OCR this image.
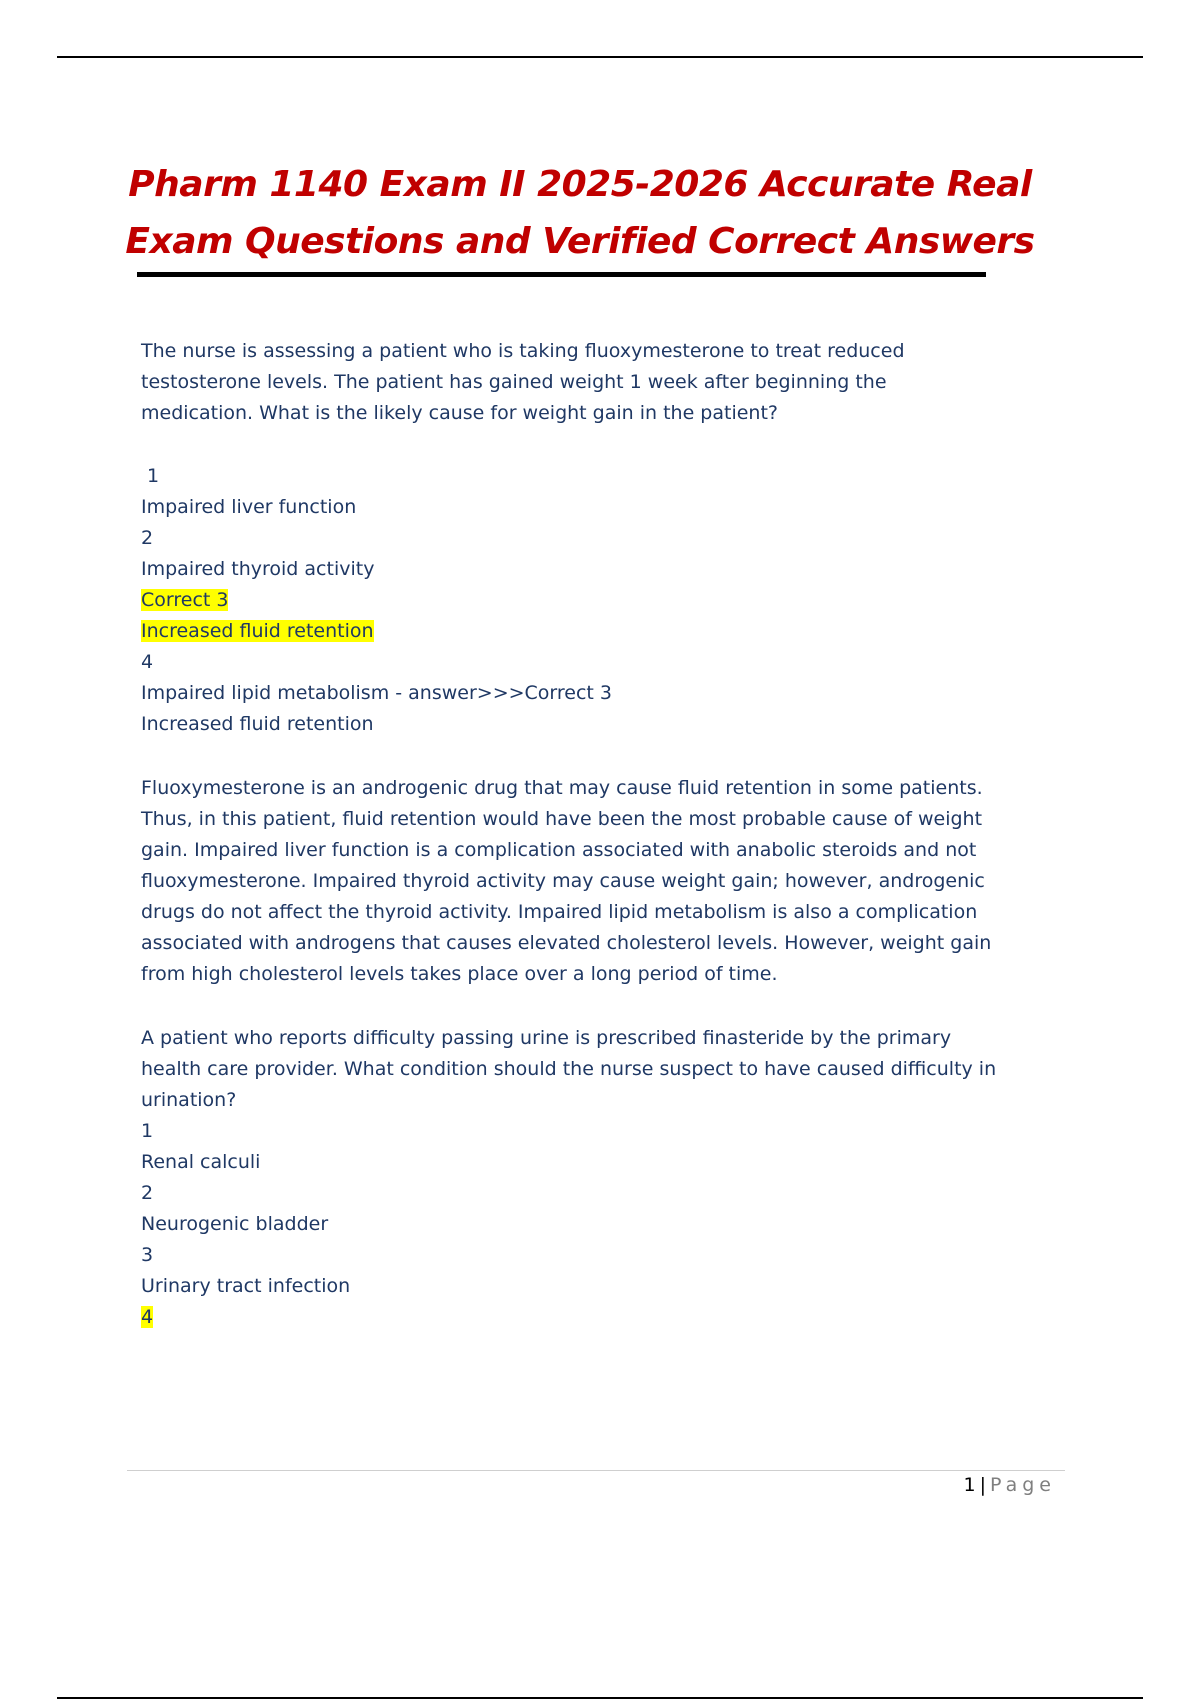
Pharm 1140 Exam II 2025-2026 Accurate Real
Exam Questions and Verified Correct Answers

The nurse is assessing a patient who is taking fluoxymesterone to treat reduced

testosterone levels. The patient has gained weight 1 week after beginning the

medication. What is the likely cause for weight gain in the patient?

1

Impaired liver function

2

Impaired thyroid activity

Correct 3

Increased fluid retention

4

Impaired lipid metabolism - answer>>>Correct 3

Increased fluid retention

Fluoxymesterone is an androgenic drug that may cause fluid retention in some patients.

Thus, in this patient, fluid retention would have been the most probable cause of weight

gain. Impaired liver function is a complication associated with anabolic steroids and not

fluoxymesterone. Impaired thyroid activity may cause weight gain; however, androgenic

drugs do not affect the thyroid activity. Impaired lipid metabolism is also a complication

associated with androgens that causes elevated cholesterol levels. However, weight gain

from high cholesterol levels takes place over a long period of time.

A patient who reports difficulty passing urine is prescribed finasteride by the primary

health care provider. What condition should the nurse suspect to have caused difficulty in

urination?

1

Renal calculi

2

Neurogenic bladder

3

Urinary tract infection

4

1 | Page
